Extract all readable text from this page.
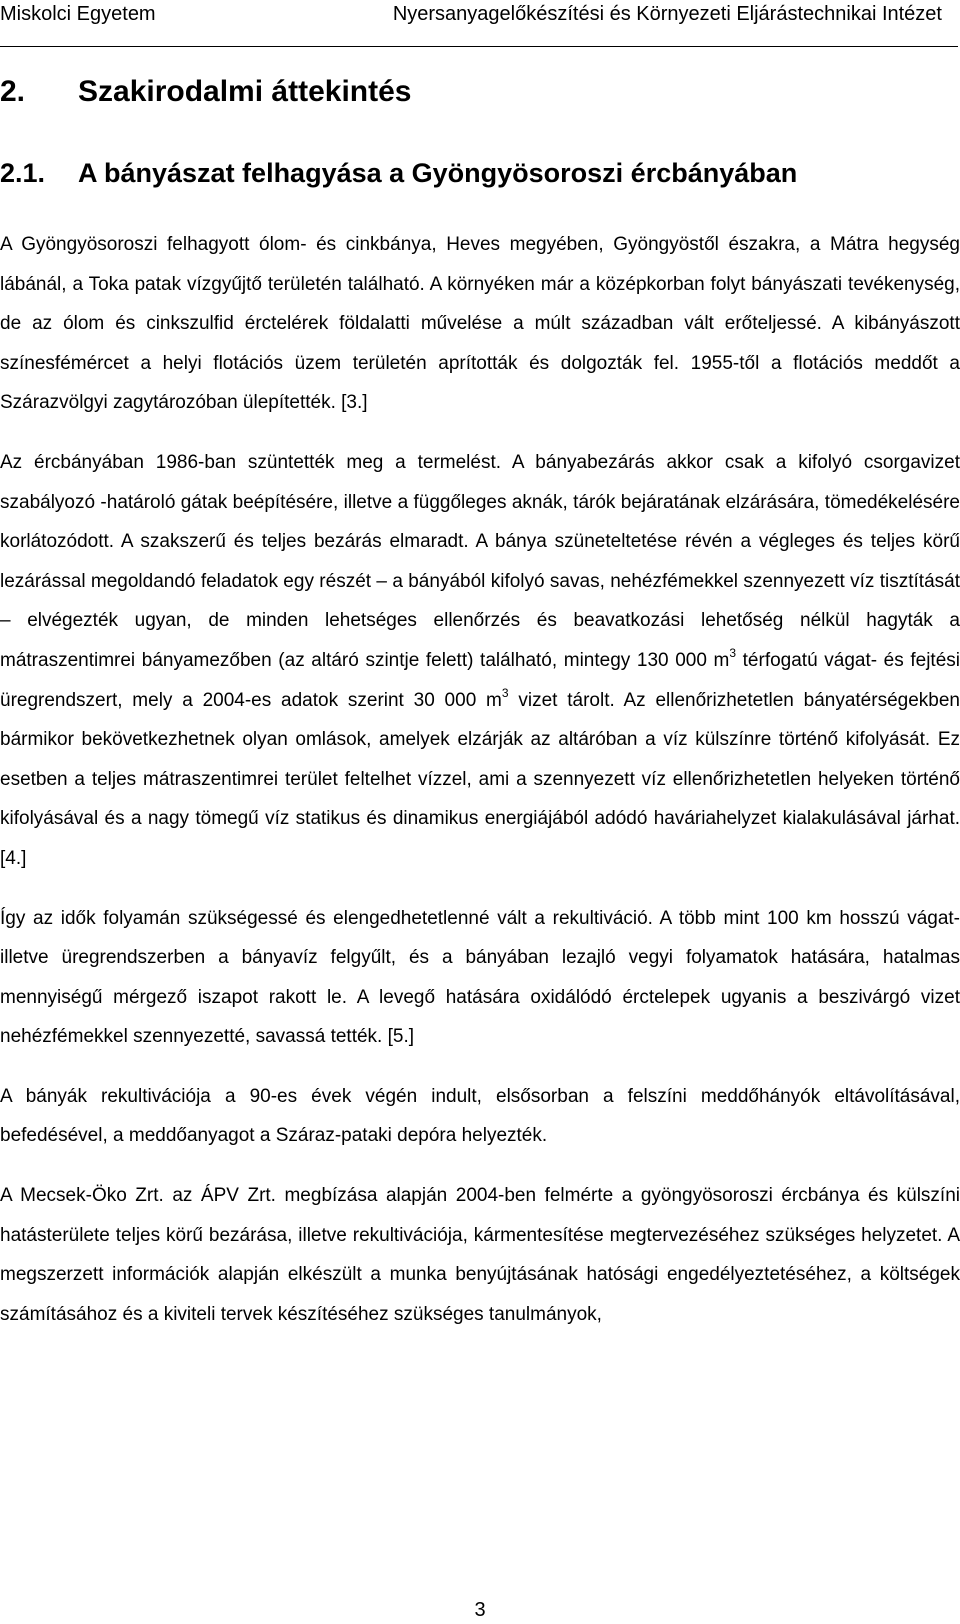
Miskolci Egyetem	Nyersanyagelőkészítési és Környezeti Eljárástechnikai Intézet
2. Szakirodalmi áttekintés
2.1. A bányászat felhagyása a Gyöngyösoroszi ércbányában

A Gyöngyösoroszi felhagyott ólom- és cinkbánya, Heves megyében, Gyöngyöstől északra, a Mátra hegység lábánál, a Toka patak vízgyűjtő területén található. A környéken már a középkorban folyt bányászati tevékenység, de az ólom és cinkszulfid érctelérek földalatti művelése a múlt században vált erőteljessé. A kibányászott színesfémércet a helyi flotációs üzem területén aprították és dolgozták fel. 1955-től a flotációs meddőt a Szárazvölgyi zagytározóban ülepítették. [3.]

Az ércbányában 1986-ban szüntették meg a termelést. A bányabezárás akkor csak a kifolyó csorgavizet szabályozó -határoló gátak beépítésére, illetve a függőleges aknák, tárók bejáratának elzárására, tömedékelésére korlátozódott. A szakszerű és teljes bezárás elmaradt. A bánya szüneteltetése révén a végleges és teljes körű lezárással megoldandó feladatok egy részét – a bányából kifolyó savas, nehézfémekkel szennyezett víz tisztítását – elvégezték ugyan, de minden lehetséges ellenőrzés és beavatkozási lehetőség nélkül hagyták a mátraszentimrei bányamezőben (az altáró szintje felett) található, mintegy 130 000 $m^3$ térfogatú vágat- és fejtési üregrendszert, mely a 2004-es adatok szerint 30 000 $m^3$ vizet tárolt. Az ellenőrizhetetlen bányatérségekben bármikor bekövetkezhetnek olyan omlások, amelyek elzárják az altáróban a víz külszínre történő kifolyását. Ez esetben a teljes mátraszentimrei terület feltelhet vízzel, ami a szennyezett víz ellenőrizhetetlen helyeken történő kifolyásával és a nagy tömegű víz statikus és dinamikus energiájából adódó haváriahelyzet kialakulásával járhat. [4.]

Így az idők folyamán szükségessé és elengedhetetlenné vált a rekultiváció. A több mint 100 km hosszú vágat- illetve üregrendszerben a bányavíz felgyűlt, és a bányában lezajló vegyi folyamatok hatására, hatalmas mennyiségű mérgező iszapot rakott le. A levegő hatására oxidálódó érctelepek ugyanis a beszivárgó vizet nehézfémekkel szennyezetté, savassá tették. [5.]

A bányák rekultivációja a 90-es évek végén indult, elsősorban a felszíni meddőhányók eltávolításával, befedésével, a meddőanyagot a Száraz-pataki depóra helyezték.

A Mecsek-Öko Zrt. az ÁPV Zrt. megbízása alapján 2004-ben felmérte a gyöngyösoroszi ércbánya és külszíni hatásterülete teljes körű bezárása, illetve rekultivációja, kármentesítése megtervezéséhez szükséges helyzetet. A megszerzett információk alapján elkészült a munka benyújtásának hatósági engedélyeztetéséhez, a költségek számításához és a kiviteli tervek készítéséhez szükséges tanulmányok,

3
